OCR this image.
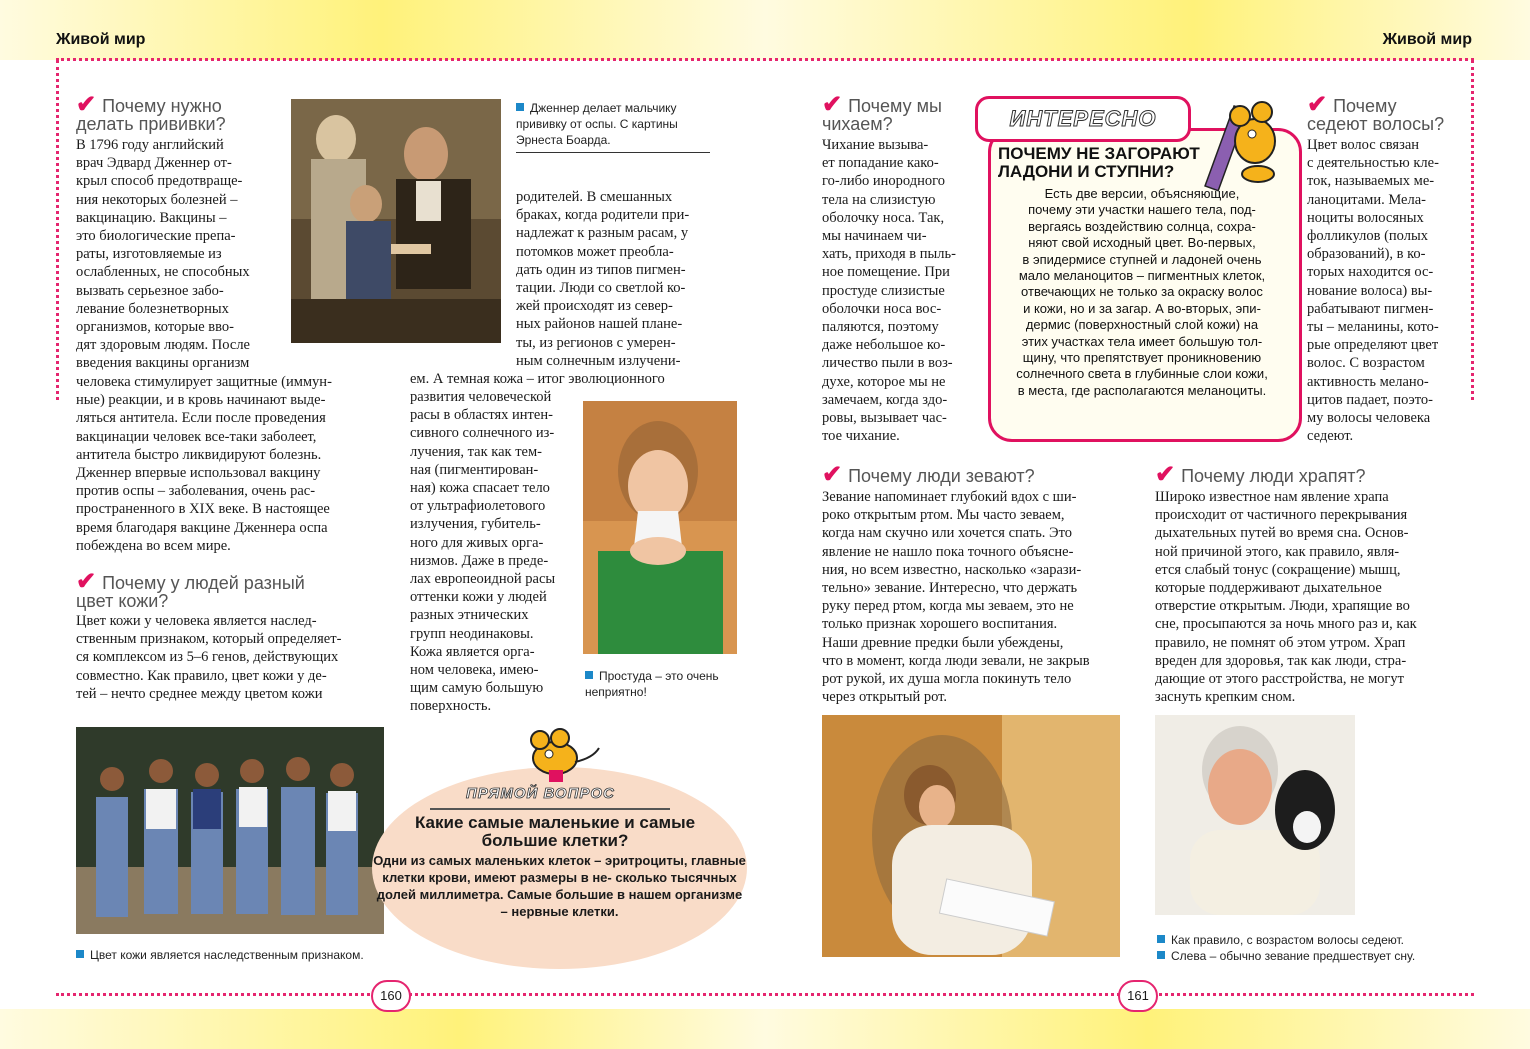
Живой мир	Живой мир
✔ Почему нужно
делать прививки?
В 1796 году английский
врач Эдвард Дженнер от-
крыл способ предотвраще-
ния некоторых болезней –
вакцинацию. Вакцины –
это биологические препа-
раты, изготовляемые из
ослабленных, не способных
вызвать серьезное забо-
левание болезнетворных
организмов, которые вво-
дят здоровым людям. После
введения вакцины организм
человека стимулирует защитные (иммун-
ные) реакции, и в кровь начинают выде-
ляться антитела. Если после проведения
вакцинации человек все-таки заболеет,
антитела быстро ликвидируют болезнь.
Дженнер впервые использовал вакцину
против оспы – заболевания, очень рас-
пространенного в XIX веке. В настоящее
время благодаря вакцине Дженнера оспа
побеждена во всем мире.
Дженнер делает мальчику прививку от оспы. С картины Эрнеста Боарда.
родителей. В смешанных
браках, когда родители при-
надлежат к разным расам, у
потомков может преобла-
дать один из типов пигмен-
тации. Люди со светлой ко-
жей происходят из север-
ных районов нашей плане-
ты, из регионов с умерен-
ным солнечным излучени-
ем. А темная кожа – итог эволюционного
развития человеческой
расы в областях интен-
сивного солнечного из-
лучения, так как тем-
ная (пигментирован-
ная) кожа спасает тело
от ультрафиолетового
излучения, губитель-
ного для живых орга-
низмов. Даже в преде-
лах европеоидной расы
оттенки кожи у людей
разных этнических
групп неодинаковы.
Кожа является орга-
ном человека, имею-
щим самую большую
поверхность.
Простуда – это очень неприятно!
✔ Почему у людей разный
цвет кожи?
Цвет кожи у человека является наслед-
ственным признаком, который определяет-
ся комплексом из 5–6 генов, действующих
совместно. Как правило, цвет кожи у де-
тей – нечто среднее между цветом кожи
Цвет кожи является наследственным признаком.
ПРЯМОЙ ВОПРОС
Какие самые маленькие и самые большие клетки?
Одни из самых маленьких клеток – эритроциты, главные клетки крови, имеют размеры в не- сколько тысячных долей миллиметра. Самые большие в нашем организме – нервные клетки.
160
✔ Почему мы
чихаем?
Чихание вызыва-
ет попадание како-
го-либо инородного
тела на слизистую
оболочку носа. Так,
мы начинаем чи-
хать, приходя в пыль-
ное помещение. При
простуде слизистые
оболочки носа вос-
паляются, поэтому
даже небольшое ко-
личество пыли в воз-
духе, которое мы не
замечаем, когда здо-
ровы, вызывает час-
тое чихание.
ИНТЕРЕСНО
ПОЧЕМУ НЕ ЗАГОРАЮТ ЛАДОНИ И СТУПНИ?
Есть две версии, объясняющие,
почему эти участки нашего тела, под-
вергаясь воздействию солнца, сохра-
няют свой исходный цвет. Во-первых,
в эпидермисе ступней и ладоней очень
мало меланоцитов – пигментных клеток,
отвечающих не только за окраску волос
и кожи, но и за загар. А во-вторых, эпи-
дермис (поверхностный слой кожи) на
этих участках тела имеет большую тол-
щину, что препятствует проникновению
солнечного света в глубинные слои кожи,
в места, где располагаются меланоциты.
✔ Почему
седеют волосы?
Цвет волос связан
с деятельностью кле-
ток, называемых ме-
ланоцитами. Мела-
ноциты волосяных
фолликулов (полых
образований), в ко-
торых находится ос-
нование волоса) вы-
рабатывают пигмен-
ты – меланины, кото-
рые определяют цвет
волос. С возрастом
активность мелано-
цитов падает, поэто-
му волосы человека
седеют.
✔ Почему люди зевают?
Зевание напоминает глубокий вдох с ши-
роко открытым ртом. Мы часто зеваем,
когда нам скучно или хочется спать. Это
явление не нашло пока точного объясне-
ния, но всем известно, насколько «зарази-
тельно» зевание. Интересно, что держать
руку перед ртом, когда мы зеваем, это не
только признак хорошего воспитания.
Наши древние предки были убеждены,
что в момент, когда люди зевали, не закрыв
рот рукой, их душа могла покинуть тело
через открытый рот.
✔ Почему люди храпят?
Широко известное нам явление храпа
происходит от частичного перекрывания
дыхательных путей во время сна. Основ-
ной причиной этого, как правило, явля-
ется слабый тонус (сокращение) мышц,
которые поддерживают дыхательное
отверстие открытым. Люди, храпящие во
сне, просыпаются за ночь много раз и, как
правило, не помнят об этом утром. Храп
вреден для здоровья, так как люди, стра-
дающие от этого расстройства, не могут
заснуть крепким сном.
Как правило, с возрастом волосы седеют.
Слева – обычно зевание предшествует сну.
161
